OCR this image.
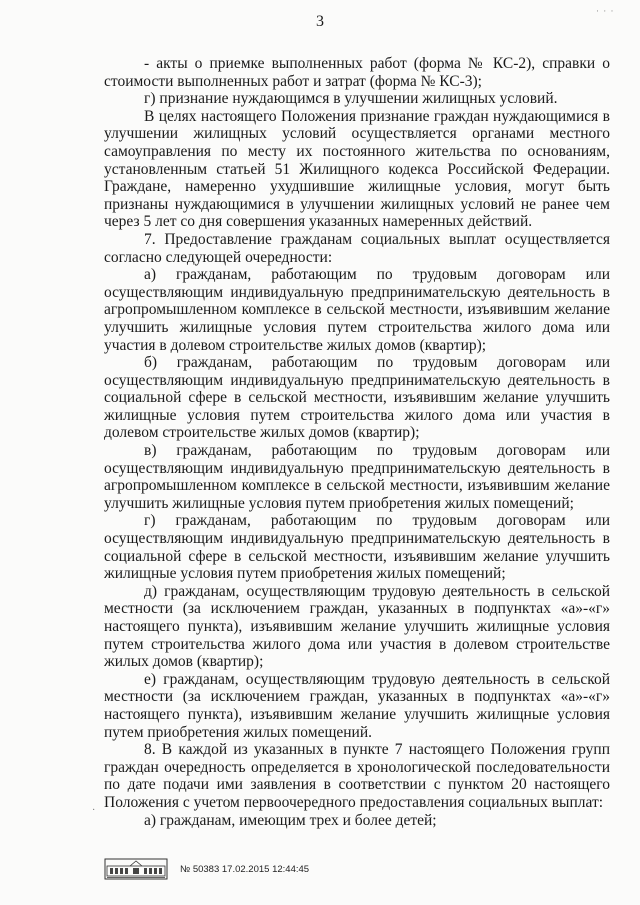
3
· · ·

- акты о приемке выполненных работ (форма № КС-2), справки о стоимости выполненных работ и затрат (форма № КС-3);

г) признание нуждающимся в улучшении жилищных условий.

В целях настоящего Положения признание граждан нуждающимися в улучшении жилищных условий осуществляется органами местного самоуправления по месту их постоянного жительства по основаниям, установленным статьей 51 Жилищного кодекса Российской Федерации. Граждане, намеренно ухудшившие жилищные условия, могут быть признаны нуждающимися в улучшении жилищных условий не ранее чем через 5 лет со дня совершения указанных намеренных действий.

7. Предоставление гражданам социальных выплат осуществляется согласно следующей очередности:

а) гражданам, работающим по трудовым договорам или осуществляющим индивидуальную предпринимательскую деятельность в агропромышленном комплексе в сельской местности, изъявившим желание улучшить жилищные условия путем строительства жилого дома или участия в долевом строительстве жилых домов (квартир);

б) гражданам, работающим по трудовым договорам или осуществляющим индивидуальную предпринимательскую деятельность в социальной сфере в сельской местности, изъявившим желание улучшить жилищные условия путем строительства жилого дома или участия в долевом строительстве жилых домов (квартир);

в) гражданам, работающим по трудовым договорам или осуществляющим индивидуальную предпринимательскую деятельность в агропромышленном комплексе в сельской местности, изъявившим желание улучшить жилищные условия путем приобретения жилых помещений;

г) гражданам, работающим по трудовым договорам или осуществляющим индивидуальную предпринимательскую деятельность в социальной сфере в сельской местности, изъявившим желание улучшить жилищные условия путем приобретения жилых помещений;

д) гражданам, осуществляющим трудовую деятельность в сельской местности (за исключением граждан, указанных в подпунктах «а»-«г» настоящего пункта), изъявившим желание улучшить жилищные условия путем строительства жилого дома или участия в долевом строительстве жилых домов (квартир);

е) гражданам, осуществляющим трудовую деятельность в сельской местности (за исключением граждан, указанных в подпунктах «а»-«г» настоящего пункта), изъявившим желание улучшить жилищные условия путем приобретения жилых помещений.

8. В каждой из указанных в пункте 7 настоящего Положения групп граждан очередность определяется в хронологической последовательности по дате подачи ими заявления в соответствии с пунктом 20 настоящего Положения с учетом первоочередного предоставления социальных выплат:

а) гражданам, имеющим трех и более детей;

·
№ 50383 17.02.2015 12:44:45
